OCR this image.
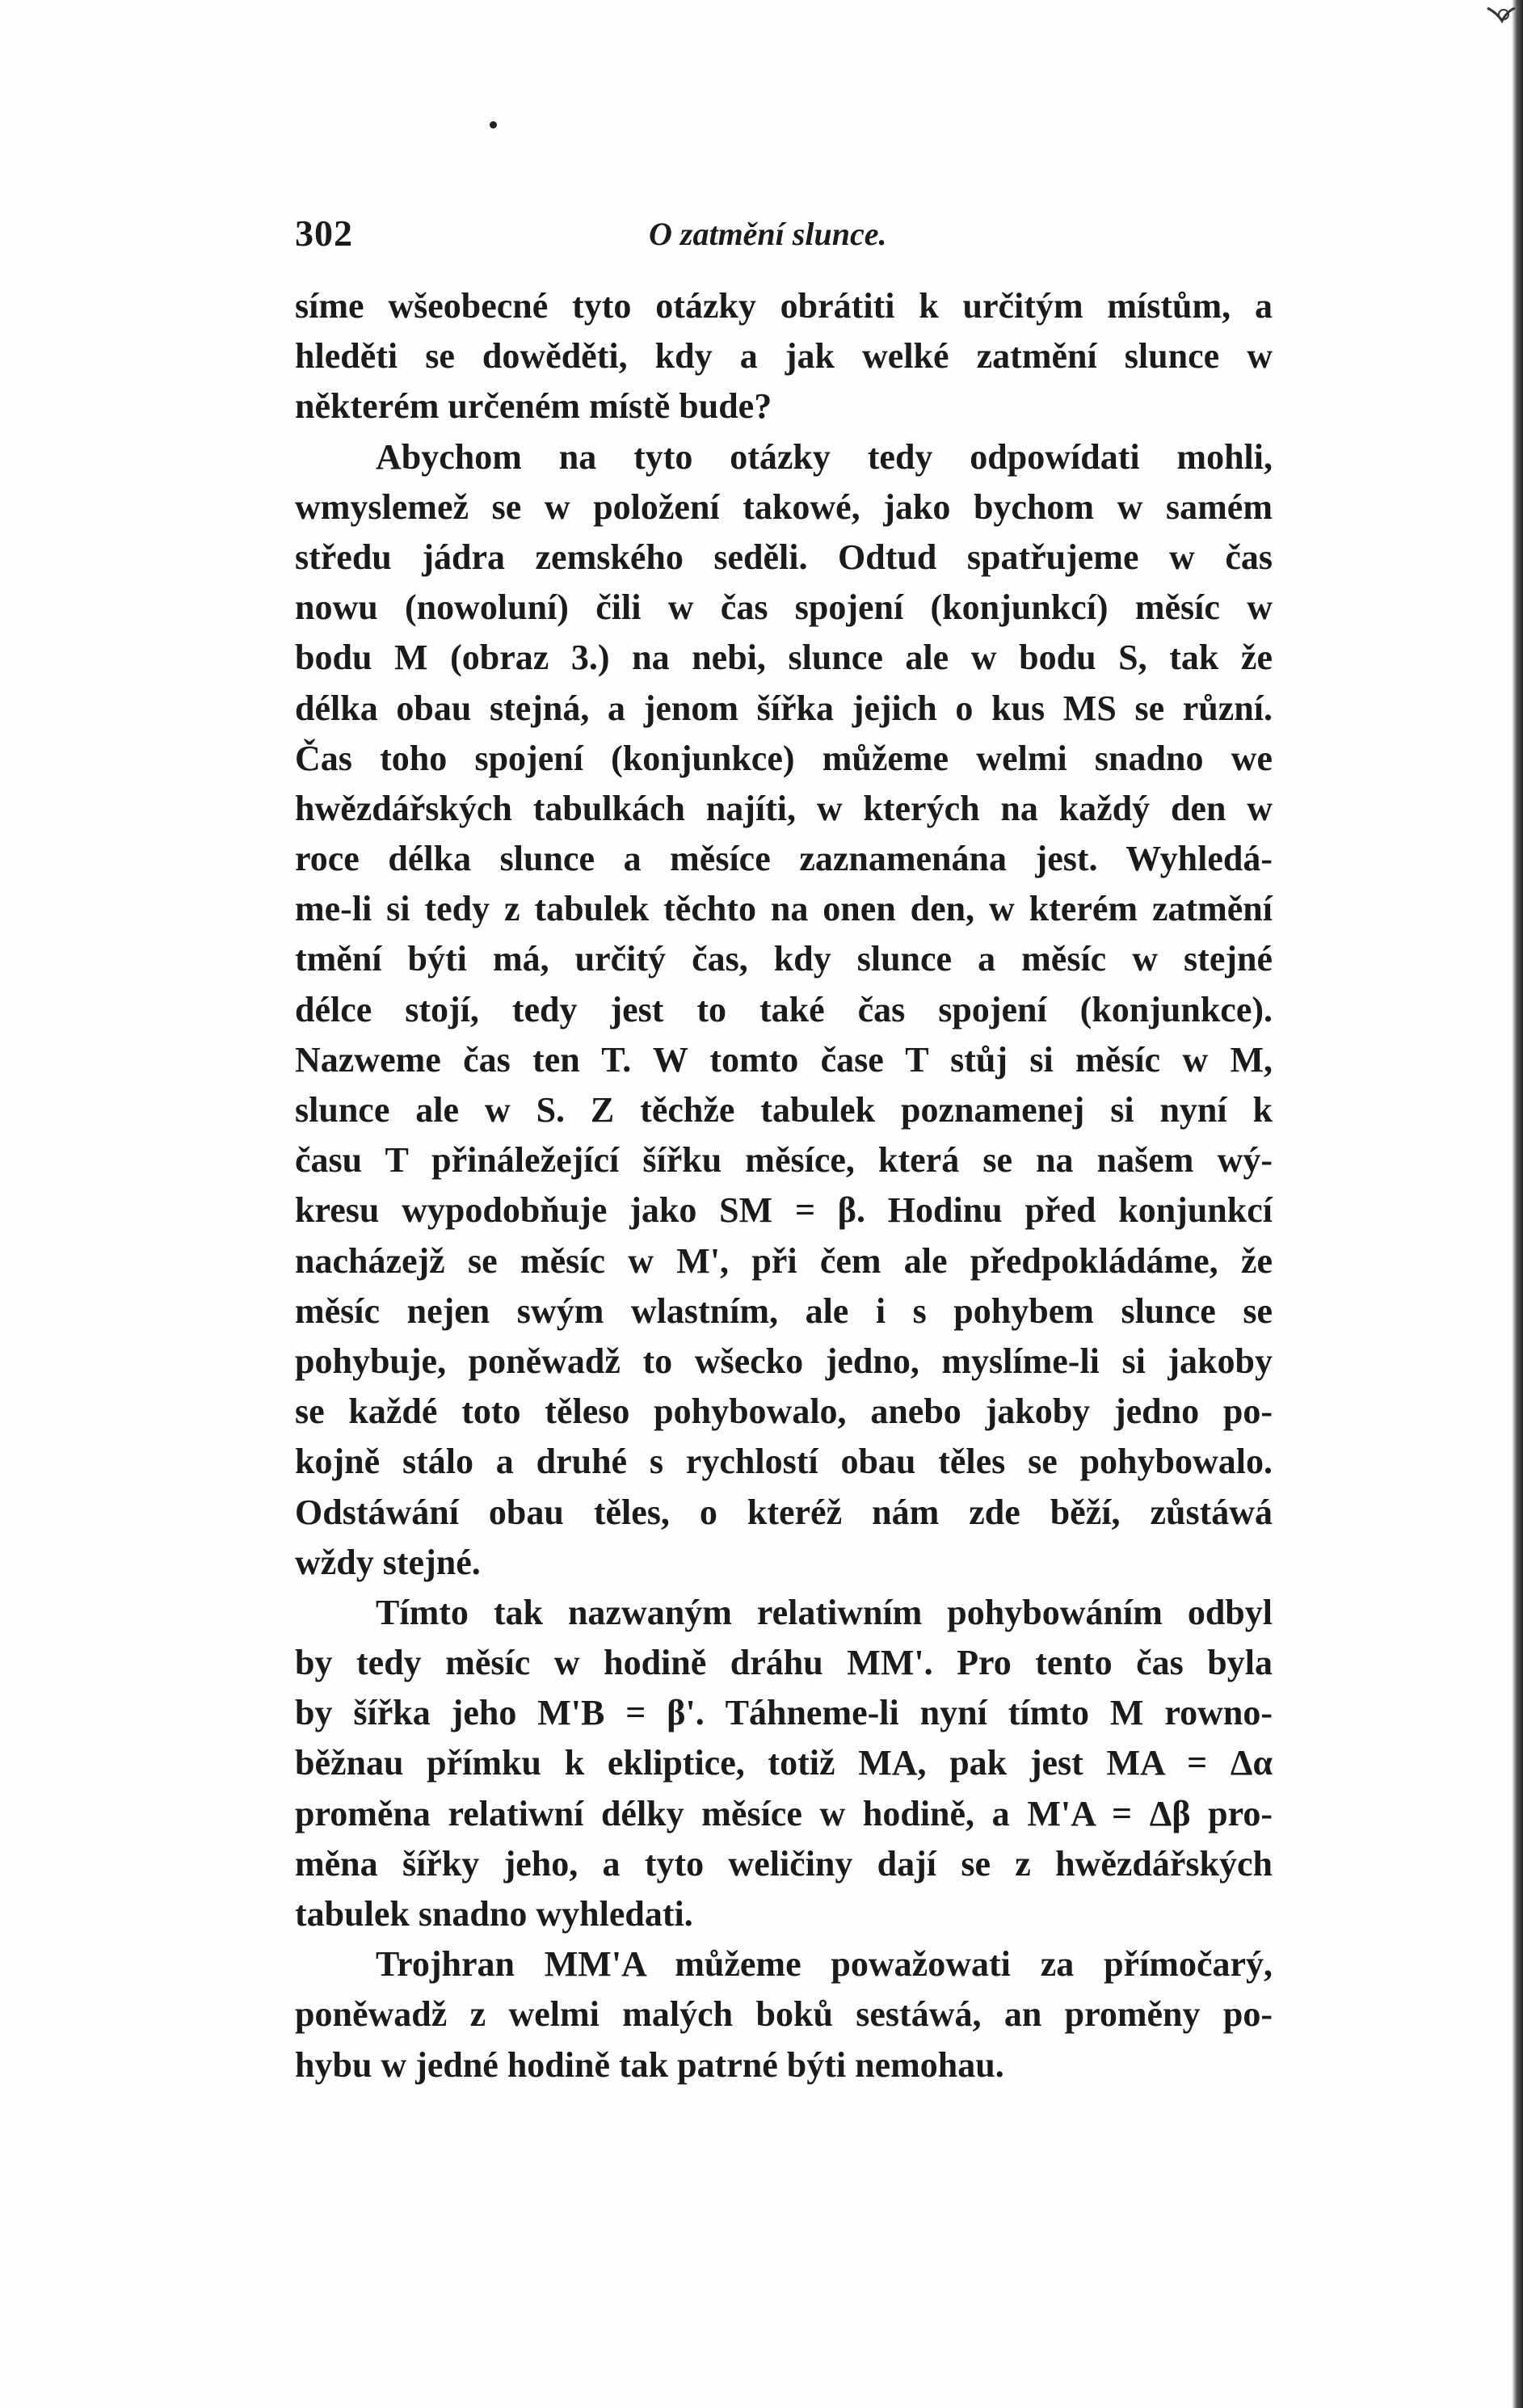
302	O zatmění slunce.
síme wšeobecné tyto otázky obrátiti k určitým místům, a
hleděti se dowěděti, kdy a jak welké zatmění slunce w
některém určeném místě bude?
Abychom na tyto otázky tedy odpowídati mohli,
wmyslemež se w položení takowé, jako bychom w samém
středu jádra zemského seděli. Odtud spatřujeme w čas
nowu (nowoluní) čili w čas spojení (konjunkcí) měsíc w
bodu M (obraz 3.) na nebi, slunce ale w bodu S, tak že
délka obau stejná, a jenom šířka jejich o kus MS se různí.
Čas toho spojení (konjunkce) můžeme welmi snadno we
hwězdářských tabulkách najíti, w kterých na každý den w
roce délka slunce a měsíce zaznamenána jest. Wyhledá-
me-li si tedy z tabulek těchto na onen den, w kterém zatmění
tmění býti má, určitý čas, kdy slunce a měsíc w stejné
délce stojí, tedy jest to také čas spojení (konjunkce).
Nazweme čas ten T. W tomto čase T stůj si měsíc w M,
slunce ale w S. Z těchže tabulek poznamenej si nyní k
času T přináležející šířku měsíce, která se na našem wý-
kresu wypodobňuje jako SM = β. Hodinu před konjunkcí
nacházejž se měsíc w M', při čem ale předpokládáme, že
měsíc nejen swým wlastním, ale i s pohybem slunce se
pohybuje, poněwadž to wšecko jedno, myslíme-li si jakoby
se každé toto těleso pohybowalo, anebo jakoby jedno po-
kojně stálo a druhé s rychlostí obau těles se pohybowalo.
Odstáwání obau těles, o kteréž nám zde běží, zůstáwá
wždy stejné.
Tímto tak nazwaným relatiwním pohybowáním odbyl
by tedy měsíc w hodině dráhu MM'. Pro tento čas byla
by šířka jeho M'B = β'. Táhneme-li nyní tímto M rowno-
běžnau přímku k ekliptice, totiž MA, pak jest MA = Δα
proměna relatiwní délky měsíce w hodině, a M'A = Δβ pro-
měna šířky jeho, a tyto weličiny dají se z hwězdářských
tabulek snadno wyhledati.
Trojhran MM'A můžeme powažowati za přímočarý,
poněwadž z welmi malých boků sestáwá, an proměny po-
hybu w jedné hodině tak patrné býti nemohau.
